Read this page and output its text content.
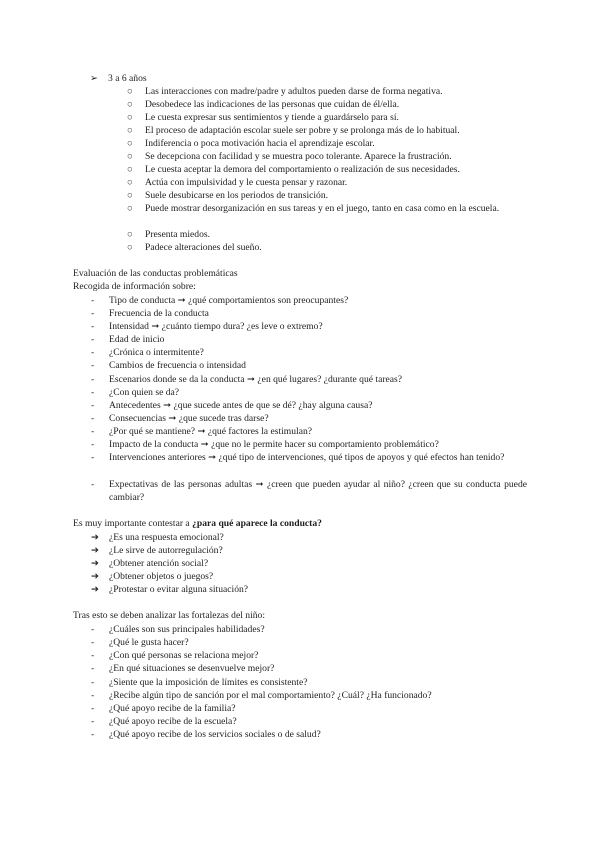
➢ 3 a 6 años
○ Las interacciones con madre/padre y adultos pueden darse de forma negativa.
○ Desobedece las indicaciones de las personas que cuidan de él/ella.
○ Le cuesta expresar sus sentimientos y tiende a guardárselo para sí.
○ El proceso de adaptación escolar suele ser pobre y se prolonga más de lo habitual.
○ Indiferencia o poca motivación hacia el aprendizaje escolar.
○ Se decepciona con facilidad y se muestra poco tolerante. Aparece la frustración.
○ Le cuesta aceptar la demora del comportamiento o realización de sus necesidades.
○ Actúa con impulsividad y le cuesta pensar y razonar.
○ Suele desubicarse en los periodos de transición.
○ Puede mostrar desorganización en sus tareas y en el juego, tanto en casa como en la escuela.
○ Presenta miedos.
○ Padece alteraciones del sueño.
Evaluación de las conductas problemáticas
Recogida de información sobre:
- Tipo de conducta ➞ ¿qué comportamientos son preocupantes?
- Frecuencia de la conducta
- Intensidad ➞ ¿cuánto tiempo dura? ¿es leve o extremo?
- Edad de inicio
- ¿Crónica o intermitente?
- Cambios de frecuencia o intensidad
- Escenarios donde se da la conducta ➞ ¿en qué lugares? ¿durante qué tareas?
- ¿Con quien se da?
- Antecedentes ➞ ¿que sucede antes de que se dé? ¿hay alguna causa?
- Consecuencias ➞ ¿que sucede tras darse?
- ¿Por qué se mantiene? ➞ ¿qué factores la estimulan?
- Impacto de la conducta ➞ ¿que no le permite hacer su comportamiento problemático?
- Intervenciones anteriores ➞ ¿qué tipo de intervenciones, qué tipos de apoyos y qué efectos han tenido?
- Expectativas de las personas adultas ➞ ¿creen que pueden ayudar al niño? ¿creen que su conducta puede cambiar?
Es muy importante contestar a ¿para qué aparece la conducta?
➔ ¿Es una respuesta emocional?
➔ ¿Le sirve de autorregulación?
➔ ¿Obtener atención social?
➔ ¿Obtener objetos o juegos?
➔ ¿Protestar o evitar alguna situación?
Tras esto se deben analizar las fortalezas del niño:
- ¿Cuáles son sus principales habilidades?
- ¿Qué le gusta hacer?
- ¿Con qué personas se relaciona mejor?
- ¿En qué situaciones se desenvuelve mejor?
- ¿Siente que la imposición de límites es consistente?
- ¿Recibe algún tipo de sanción por el mal comportamiento? ¿Cuál? ¿Ha funcionado?
- ¿Qué apoyo recibe de la familia?
- ¿Qué apoyo recibe de la escuela?
- ¿Qué apoyo recibe de los servicios sociales o de salud?
